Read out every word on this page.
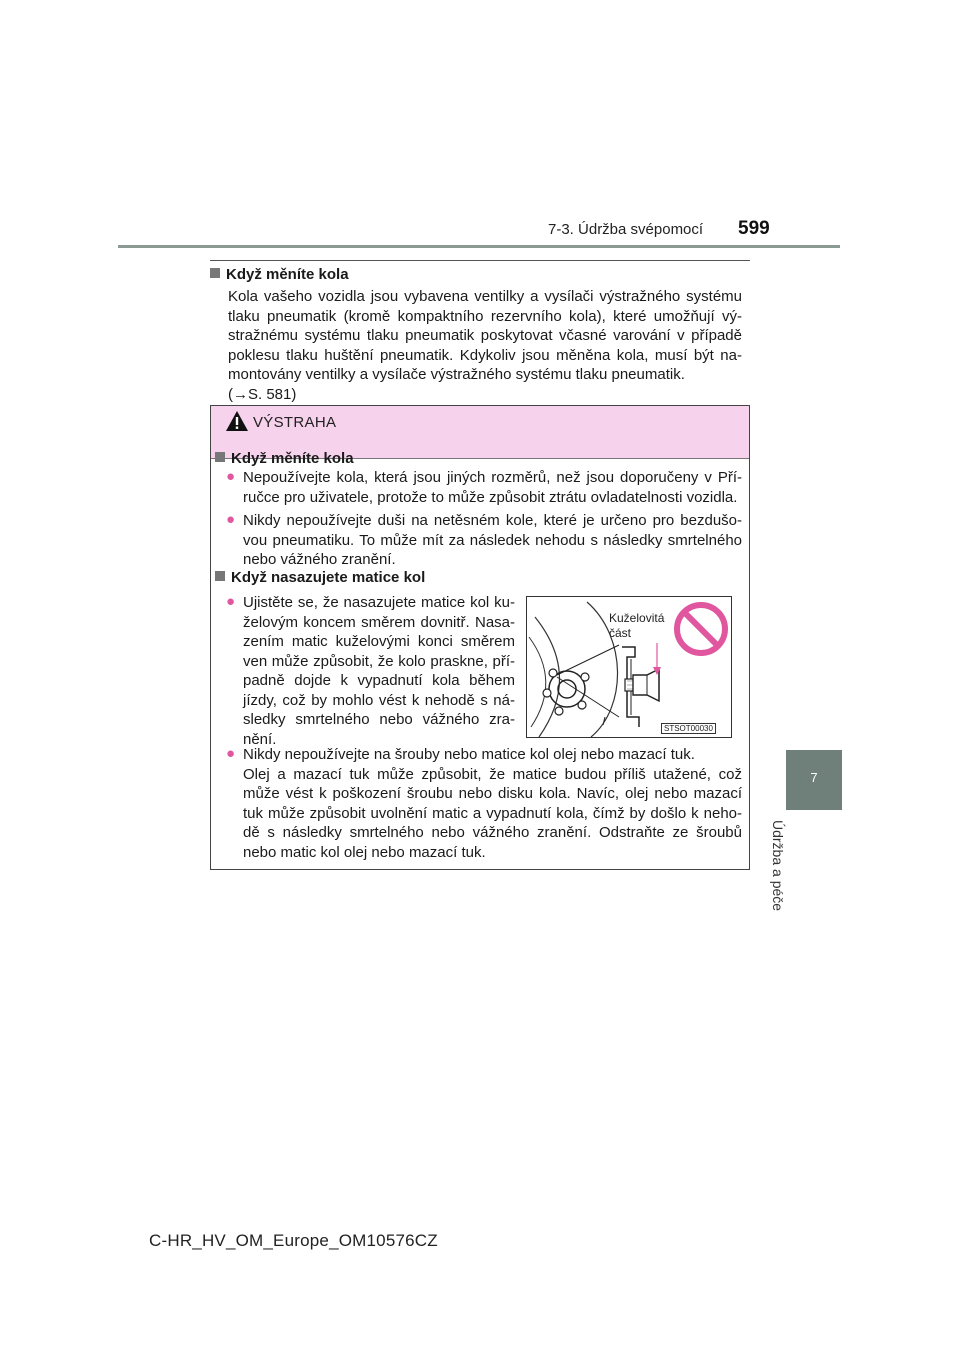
7-3. Údržba svépomocí 599
7
Údržba a péče
Když měníte kola
Kola vašeho vozidla jsou vybavena ventilky a vysílači výstražného systému
tlaku pneumatik (kromě kompaktního rezervního kola), které umožňují vý-
stražnému systému tlaku pneumatik poskytovat včasné varování v případě
poklesu tlaku huštění pneumatik. Kdykoliv jsou měněna kola, musí být na-
montovány ventilky a vysílače výstražného systému tlaku pneumatik.
(→S. 581)
VÝSTRAHA
Když měníte kola
● Nepoužívejte kola, která jsou jiných rozměrů, než jsou doporučeny v Pří-
ručce pro uživatele, protože to může způsobit ztrátu ovladatelnosti vozidla.
● Nikdy nepoužívejte duši na netěsném kole, které je určeno pro bezdušo-
vou pneumatiku. To může mít za následek nehodu s následky smrtelného
nebo vážného zranění.
Když nasazujete matice kol
● Ujistěte se, že nasazujete matice kol ku-
želovým koncem směrem dovnitř. Nasa-
zením matic kuželovými konci směrem
ven může způsobit, že kolo praskne, pří-
padně dojde k vypadnutí kola během
jízdy, což by mohlo vést k nehodě s ná-
sledky smrtelného nebo vážného zra-
nění.
Kuželovitá
část
STSOT00030
● Nikdy nepoužívejte na šrouby nebo matice kol olej nebo mazací tuk.
Olej a mazací tuk může způsobit, že matice budou příliš utažené, což
může vést k poškození šroubu nebo disku kola. Navíc, olej nebo mazací
tuk může způsobit uvolnění matic a vypadnutí kola, čímž by došlo k neho-
dě s následky smrtelného nebo vážného zranění. Odstraňte ze šroubů
nebo matic kol olej nebo mazací tuk.
C-HR_HV_OM_Europe_OM10576CZ
